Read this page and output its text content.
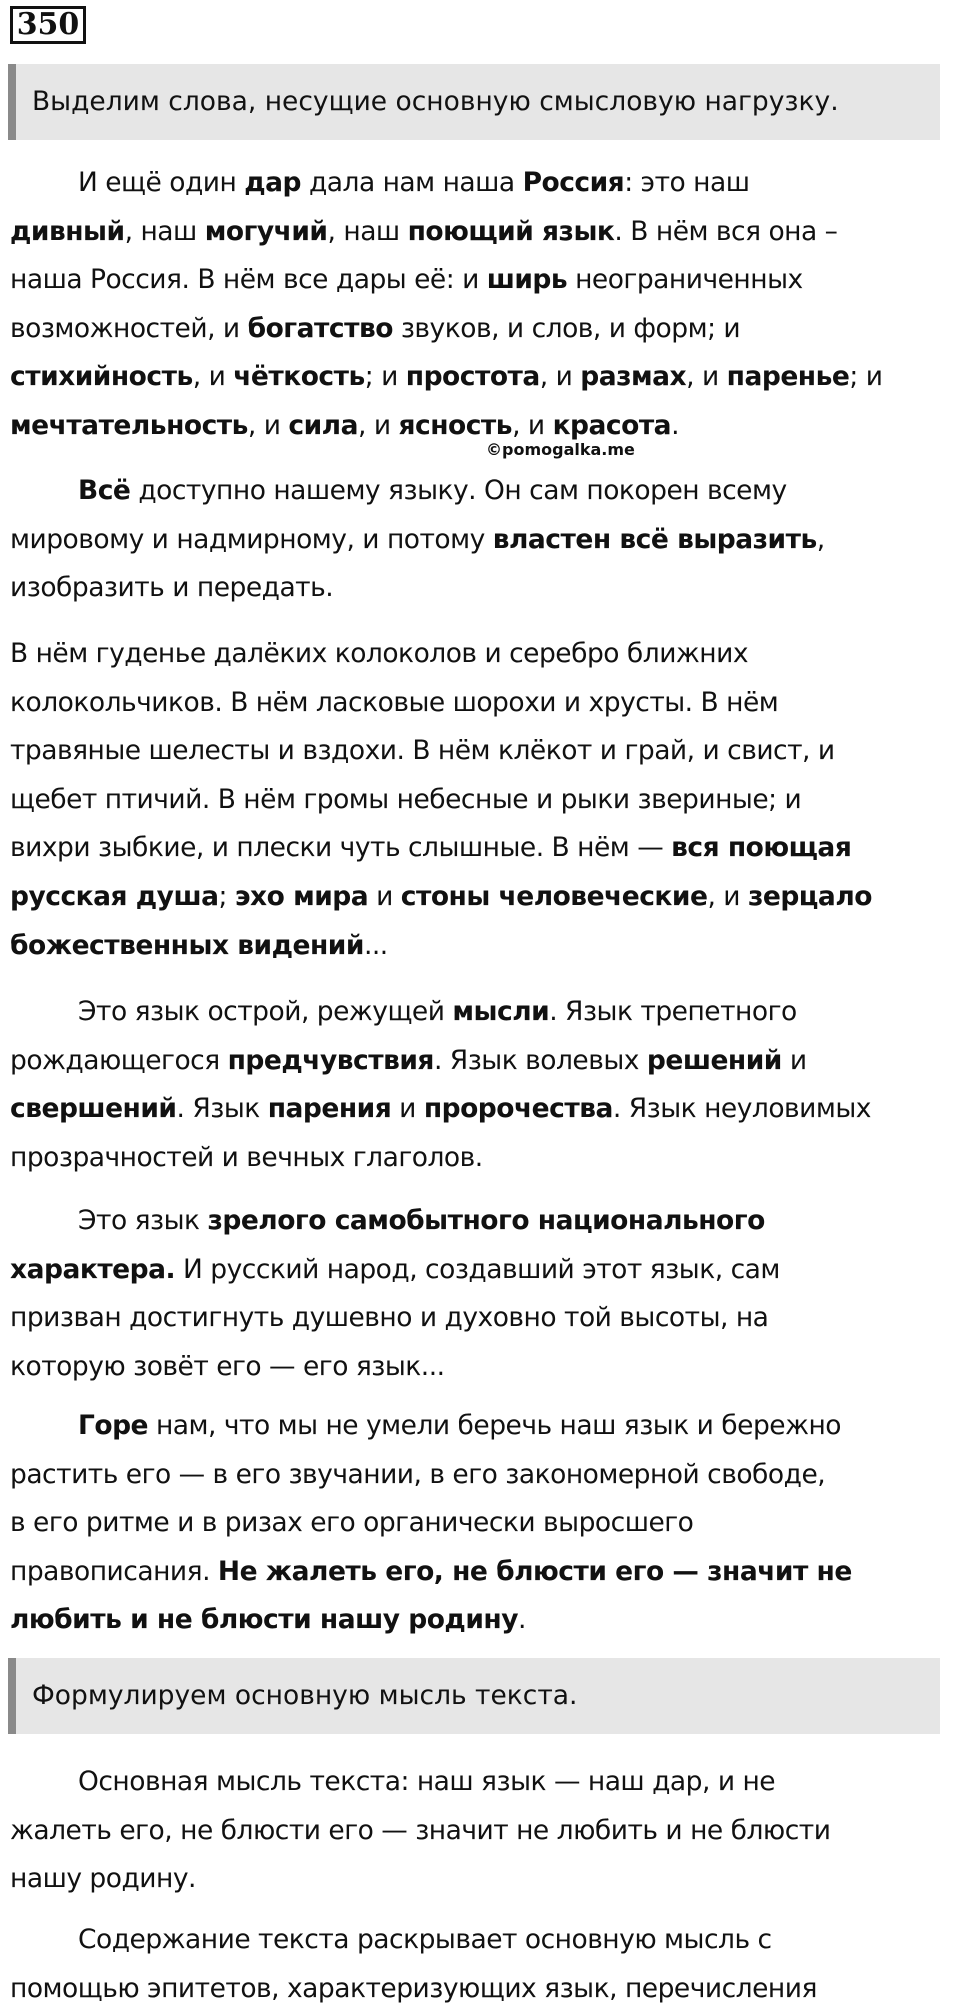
350
Выделим слова, несущие основную смысловую нагрузку.
И ещё один дар дала нам наша Россия: это наш
дивный, наш могучий, наш поющий язык. В нём вся она –
наша Россия. В нём все дары её: и ширь неограниченных
возможностей, и богатство звуков, и слов, и форм; и
стихийность, и чёткость; и простота, и размах, и паренье; и
мечтательность, и сила, и ясность, и красота.
©pomogalka.me
Всё доступно нашему языку. Он сам покорен всему
мировому и надмирному, и потому властен всё выразить,
изобразить и передать.
В нём гуденье далёких колоколов и серебро ближних
колокольчиков. В нём ласковые шорохи и хрусты. В нём
травяные шелесты и вздохи. В нём клёкот и грай, и свист, и
щебет птичий. В нём громы небесные и рыки звериные; и
вихри зыбкие, и плески чуть слышные. В нём — вся поющая
русская душа; эхо мира и стоны человеческие, и зерцало
божественных видений...
Это язык острой, режущей мысли. Язык трепетного
рождающегося предчувствия. Язык волевых решений и
свершений. Язык парения и пророчества. Язык неуловимых
прозрачностей и вечных глаголов.
Это язык зрелого самобытного национального
характера. И русский народ, создавший этот язык, сам
призван достигнуть душевно и духовно той высоты, на
которую зовёт его — его язык...
Горе нам, что мы не умели беречь наш язык и бережно
растить его — в его звучании, в его закономерной свободе,
в его ритме и в ризах его органически выросшего
правописания. Не жалеть его, не блюсти его — значит не
любить и не блюсти нашу родину.
Формулируем основную мысль текста.
Основная мысль текста: наш язык — наш дар, и не
жалеть его, не блюсти его — значит не любить и не блюсти
нашу родину.
Содержание текста раскрывает основную мысль с
помощью эпитетов, характеризующих язык, перечисления
